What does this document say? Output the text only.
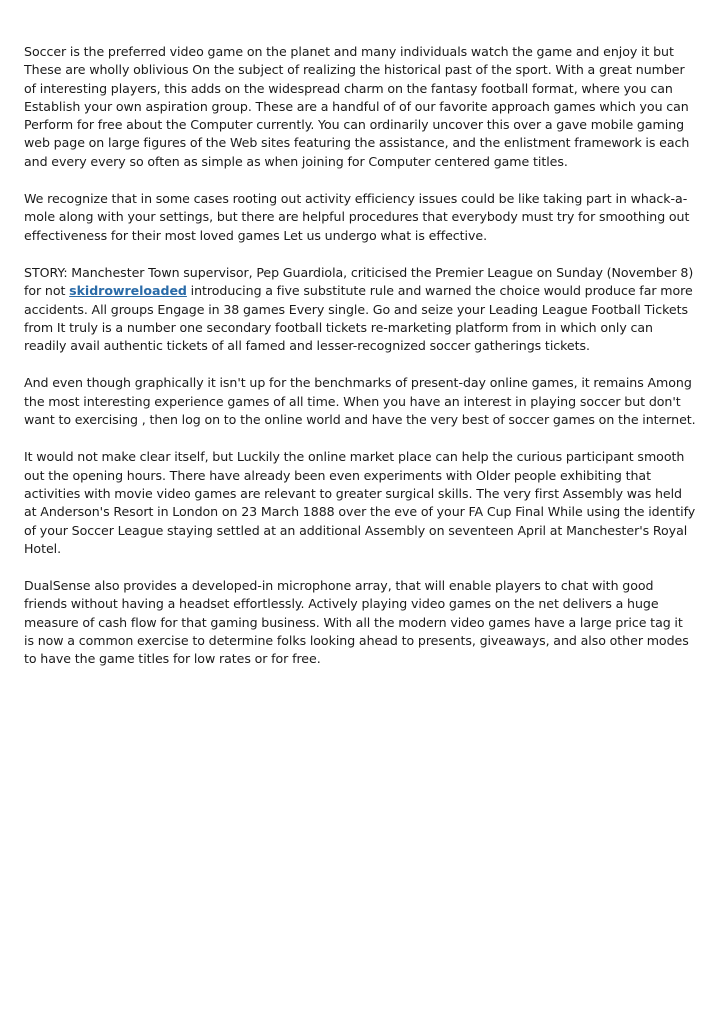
Soccer is the preferred video game on the planet and many individuals watch the game and enjoy it but These are wholly oblivious On the subject of realizing the historical past of the sport. With a great number of interesting players, this adds on the widespread charm on the fantasy football format, where you can Establish your own aspiration group. These are a handful of of our favorite approach games which you can Perform for free about the Computer currently. You can ordinarily uncover this over a gave mobile gaming web page on large figures of the Web sites featuring the assistance, and the enlistment framework is each and every every so often as simple as when joining for Computer centered game titles.

We recognize that in some cases rooting out activity efficiency issues could be like taking part in whack-a-mole along with your settings, but there are helpful procedures that everybody must try for smoothing out effectiveness for their most loved games Let us undergo what is effective.

STORY: Manchester Town supervisor, Pep Guardiola, criticised the Premier League on Sunday (November 8) for not skidrowreloaded introducing a five substitute rule and warned the choice would produce far more accidents. All groups Engage in 38 games Every single. Go and seize your Leading League Football Tickets from It truly is a number one secondary football tickets re-marketing platform from in which only can readily avail authentic tickets of all famed and lesser-recognized soccer gatherings tickets.

And even though graphically it isn't up for the benchmarks of present-day online games, it remains Among the most interesting experience games of all time. When you have an interest in playing soccer but don't want to exercising , then log on to the online world and have the very best of soccer games on the internet.

It would not make clear itself, but Luckily the online market place can help the curious participant smooth out the opening hours. There have already been even experiments with Older people exhibiting that activities with movie video games are relevant to greater surgical skills. The very first Assembly was held at Anderson's Resort in London on 23 March 1888 over the eve of your FA Cup Final While using the identify of your Soccer League staying settled at an additional Assembly on seventeen April at Manchester's Royal Hotel.

DualSense also provides a developed-in microphone array, that will enable players to chat with good friends without having a headset effortlessly. Actively playing video games on the net delivers a huge measure of cash flow for that gaming business. With all the modern video games have a large price tag it is now a common exercise to determine folks looking ahead to presents, giveaways, and also other modes to have the game titles for low rates or for free.
